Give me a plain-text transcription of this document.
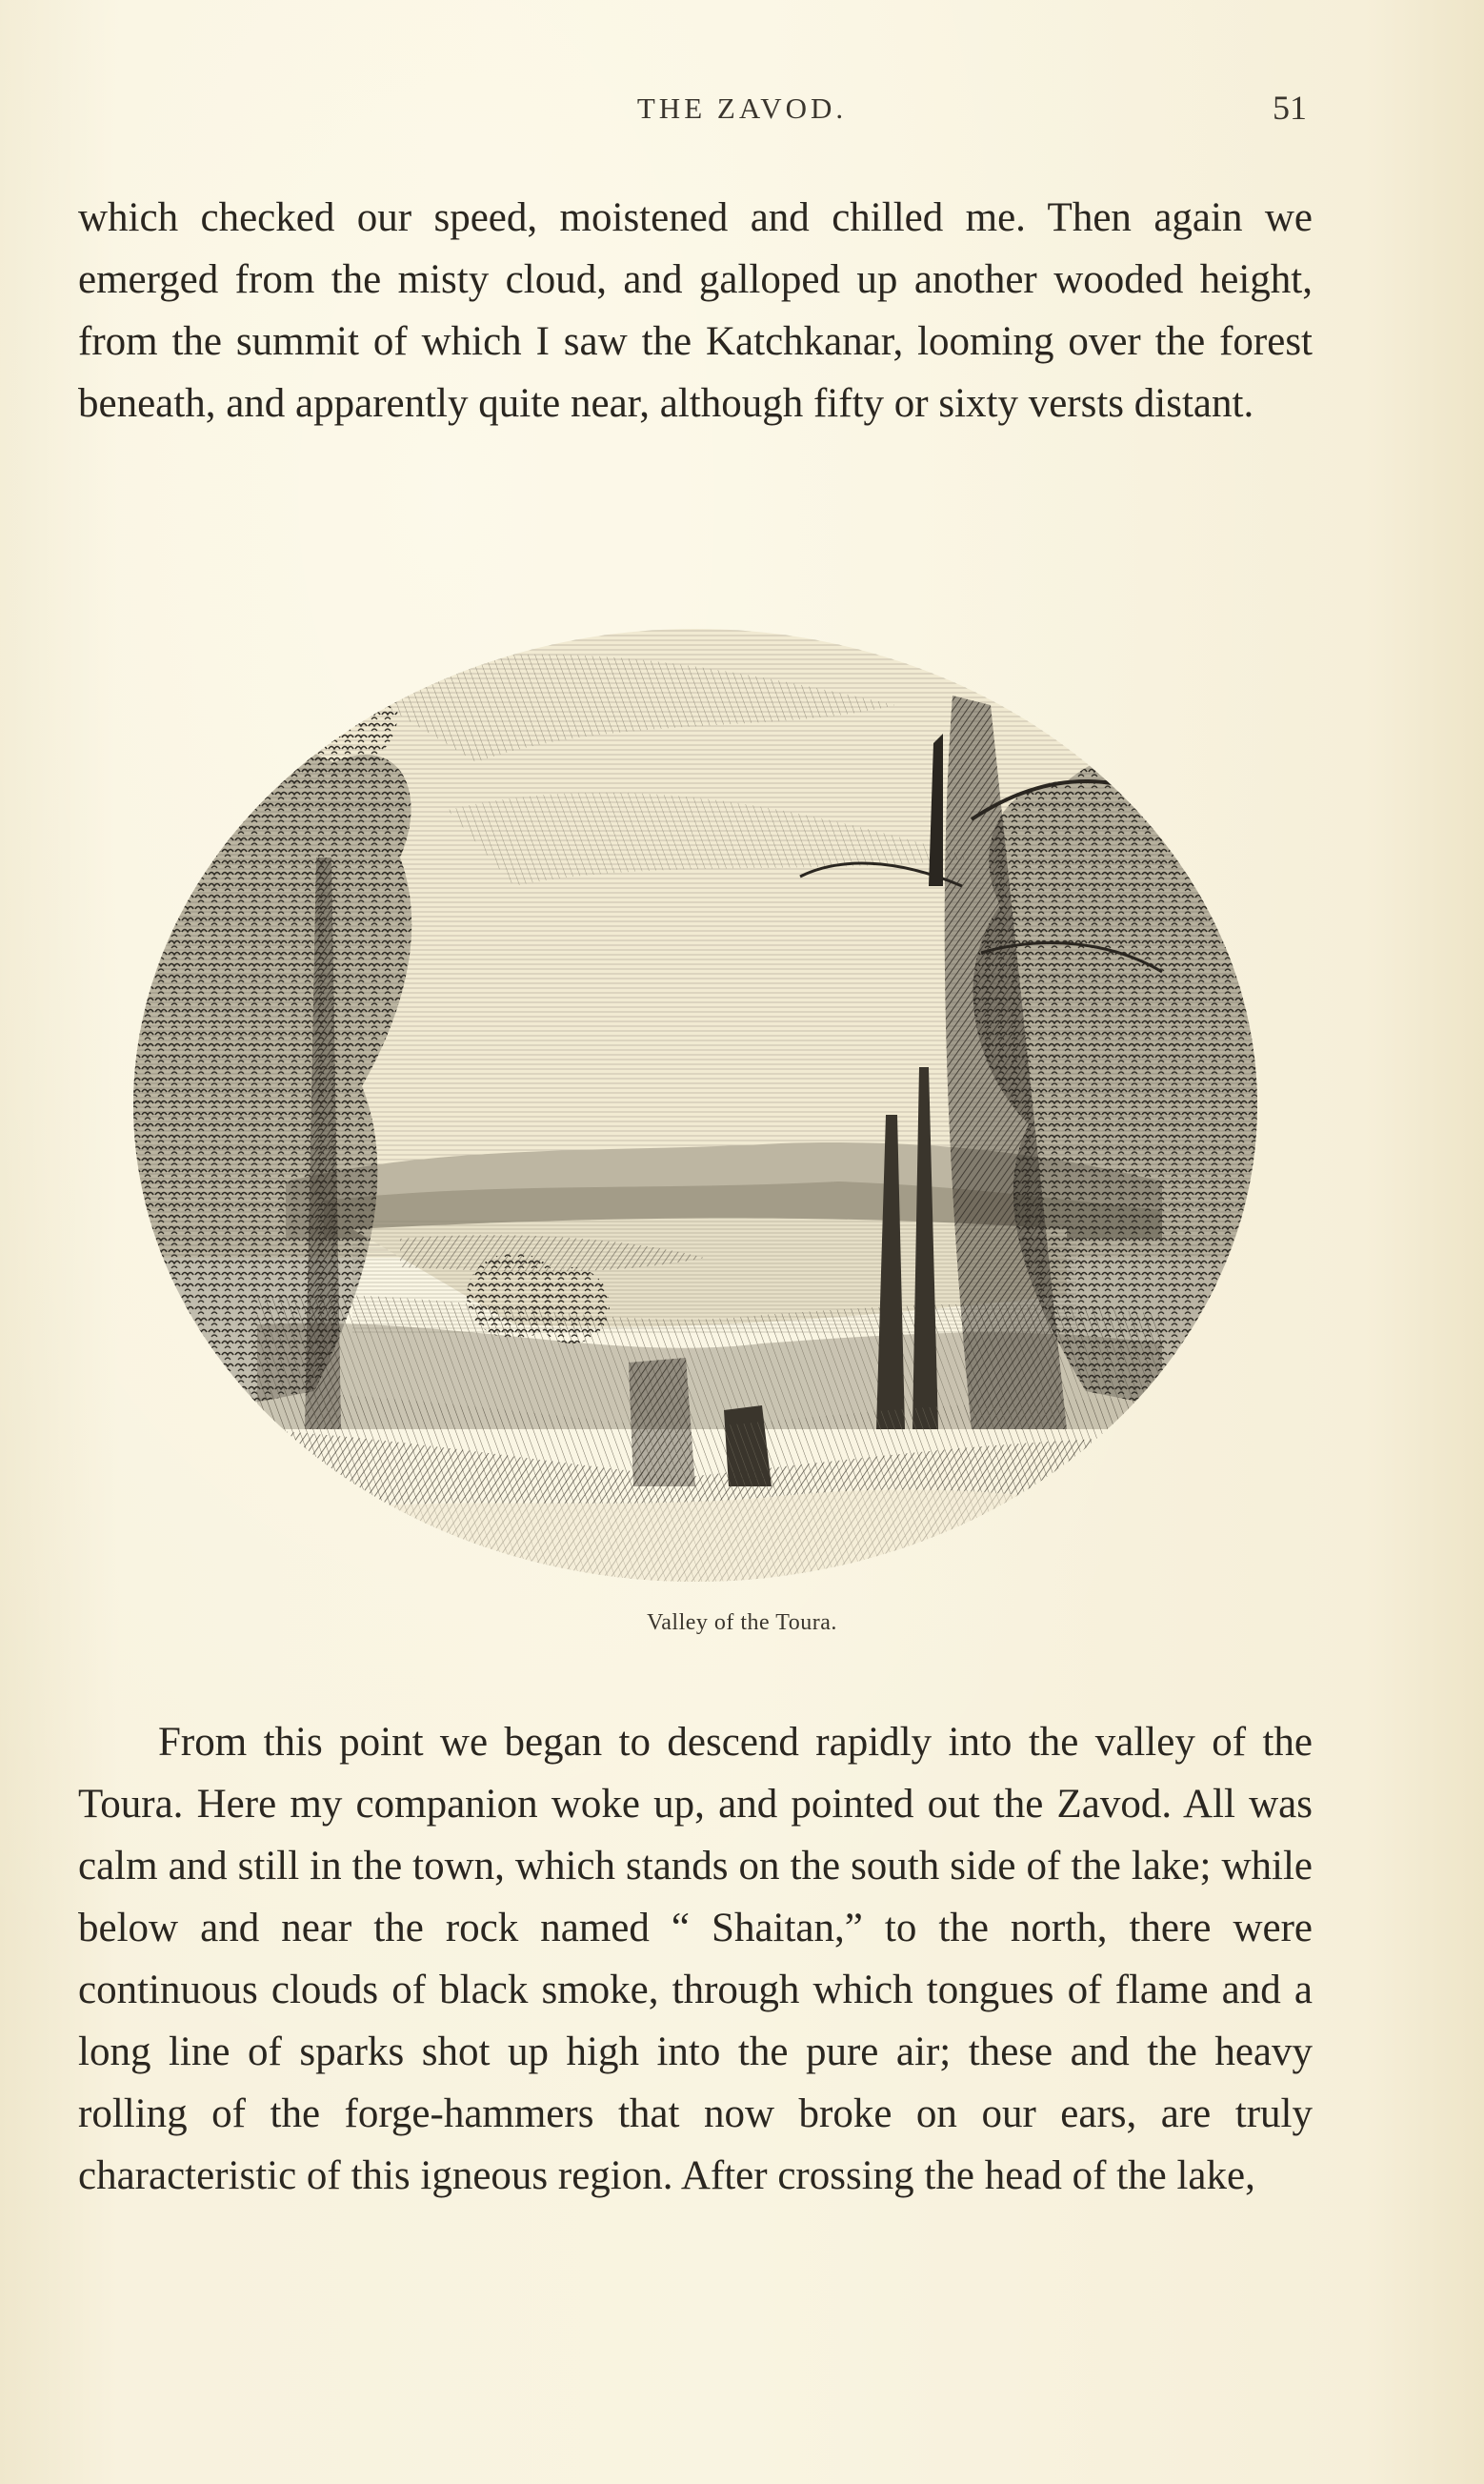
THE ZAVOD.	51

which checked our speed, moistened and chilled me. Then again we emerged from the misty cloud, and galloped up another wooded height, from the summit of which I saw the Katchkanar, looming over the forest beneath, and apparently quite near, although fifty or sixty versts distant.

Valley of the Toura.

From this point we began to descend rapidly into the valley of the Toura. Here my companion woke up, and pointed out the Zavod. All was calm and still in the town, which stands on the south side of the lake; while below and near the rock named “ Shaitan,” to the north, there were continuous clouds of black smoke, through which tongues of flame and a long line of sparks shot up high into the pure air; these and the heavy rolling of the forge-hammers that now broke on our ears, are truly characteristic of this igneous region. After crossing the head of the lake,
